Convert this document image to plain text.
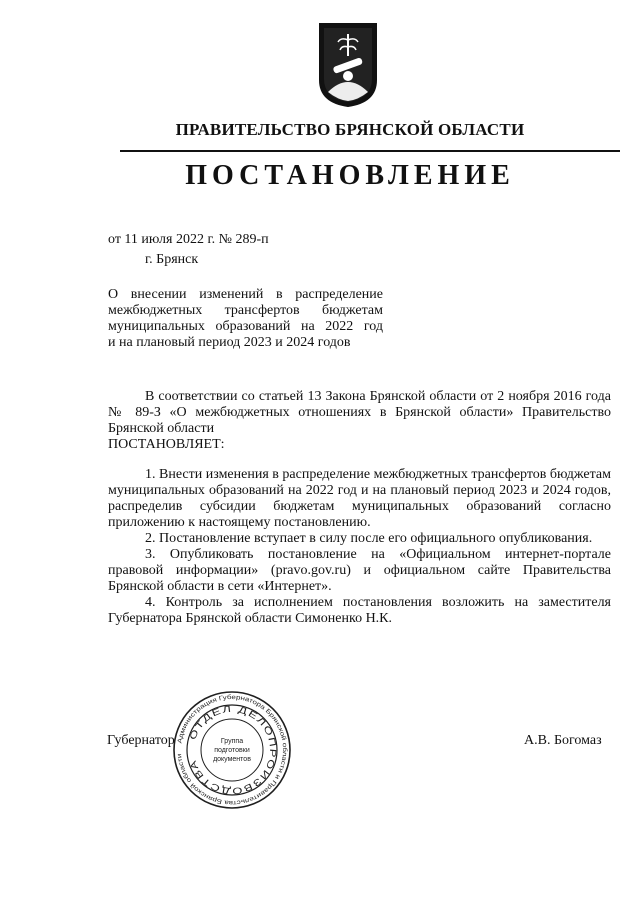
ПРАВИТЕЛЬСТВО БРЯНСКОЙ ОБЛАСТИ
ПОСТАНОВЛЕНИЕ
от 11 июля 2022 г. № 289-п
г. Брянск
О внесении изменений в распределение
межбюджетных трансфертов бюджетам
муниципальных образований на 2022 год
и на плановый период 2023 и 2024 годов

В соответствии со статьей 13 Закона Брянской области от 2 ноября 2016 года № 89-З «О межбюджетных отношениях в Брянской области» Правительство Брянской области

ПОСТАНОВЛЯЕТ:

1. Внести изменения в распределение межбюджетных трансфертов бюджетам муниципальных образований на 2022 год и на плановый период 2023 и 2024 годов, распределив субсидии бюджетам муниципальных образований согласно приложению к настоящему постановлению.

2. Постановление вступает в силу после его официального опубликования.

3. Опубликовать постановление на «Официальном интернет-портале правовой информации» (pravo.gov.ru) и официальном сайте Правительства Брянской области в сети «Интернет».

4. Контроль за исполнением постановления возложить на заместителя Губернатора Брянской области Симоненко Н.К.

Губернатор	А.В. Богомаз
Администрация Губернатора Брянской области и Правительства Брянской области
ОТДЕЛ ДЕЛОПРОИЗВОДСТВА
Группа
подготовки
документов
